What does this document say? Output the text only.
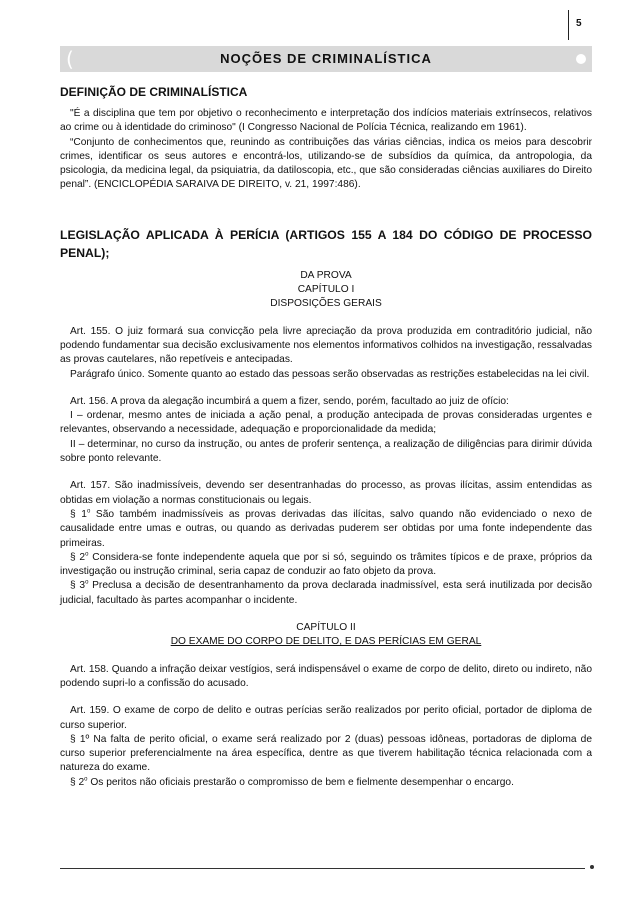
5
(	NOÇÕES DE CRIMINALÍSTICA
DEFINIÇÃO DE CRIMINALÍSTICA

"É a disciplina que tem por objetivo o reconhecimento e interpretação dos indícios materiais extrínsecos, relativos ao crime ou à identidade do criminoso" (I Congresso Nacional de Polícia Técnica, realizando em 1961).

“Conjunto de conhecimentos que, reunindo as contribuições das várias ciências, indica os meios para descobrir crimes, identificar os seus autores e encontrá-los, utilizando-se de subsídios da química, da antropologia, da psicologia, da medicina legal, da psiquiatria, da datiloscopia, etc., que são consideradas ciências auxiliares do Direito penal”. (ENCICLOPÉDIA SARAIVA DE DIREITO, v. 21, 1997:486).

LEGISLAÇÃO APLICADA À PERÍCIA (ARTIGOS 155 A 184 DO CÓDIGO DE PROCESSO PENAL);

DA PROVA

CAPÍTULO I

DISPOSIÇÕES GERAIS

Art. 155. O juiz formará sua convicção pela livre apreciação da prova produzida em contraditório judicial, não podendo fundamentar sua decisão exclusivamente nos elementos informativos colhidos na investigação, ressalvadas as provas cautelares, não repetíveis e antecipadas.

Parágrafo único. Somente quanto ao estado das pessoas serão observadas as restrições estabelecidas na lei civil.

Art. 156. A prova da alegação incumbirá a quem a fizer, sendo, porém, facultado ao juiz de ofício:

I – ordenar, mesmo antes de iniciada a ação penal, a produção antecipada de provas consideradas urgentes e relevantes, observando a necessidade, adequação e proporcionalidade da medida;

II – determinar, no curso da instrução, ou antes de proferir sentença, a realização de diligências para dirimir dúvida sobre ponto relevante.

Art. 157. São inadmissíveis, devendo ser desentranhadas do processo, as provas ilícitas, assim entendidas as obtidas em violação a normas constitucionais ou legais.

§ 1$^o$ São também inadmissíveis as provas derivadas das ilícitas, salvo quando não evidenciado o nexo de causalidade entre umas e outras, ou quando as derivadas puderem ser obtidas por uma fonte independente das primeiras.

§ 2$^o$ Considera-se fonte independente aquela que por si só, seguindo os trâmites típicos e de praxe, próprios da investigação ou instrução criminal, seria capaz de conduzir ao fato objeto da prova.

§ 3$^o$ Preclusa a decisão de desentranhamento da prova declarada inadmissível, esta será inutilizada por decisão judicial, facultado às partes acompanhar o incidente.

CAPÍTULO II

DO EXAME DO CORPO DE DELITO, E DAS PERÍCIAS EM GERAL

Art. 158. Quando a infração deixar vestígios, será indispensável o exame de corpo de delito, direto ou indireto, não podendo supri-lo a confissão do acusado.

Art. 159. O exame de corpo de delito e outras perícias serão realizados por perito oficial, portador de diploma de curso superior.

§ 1º Na falta de perito oficial, o exame será realizado por 2 (duas) pessoas idôneas, portadoras de diploma de curso superior preferencialmente na área específica, dentre as que tiverem habilitação técnica relacionada com a natureza do exame.

§ 2$^o$ Os peritos não oficiais prestarão o compromisso de bem e fielmente desempenhar o encargo.
